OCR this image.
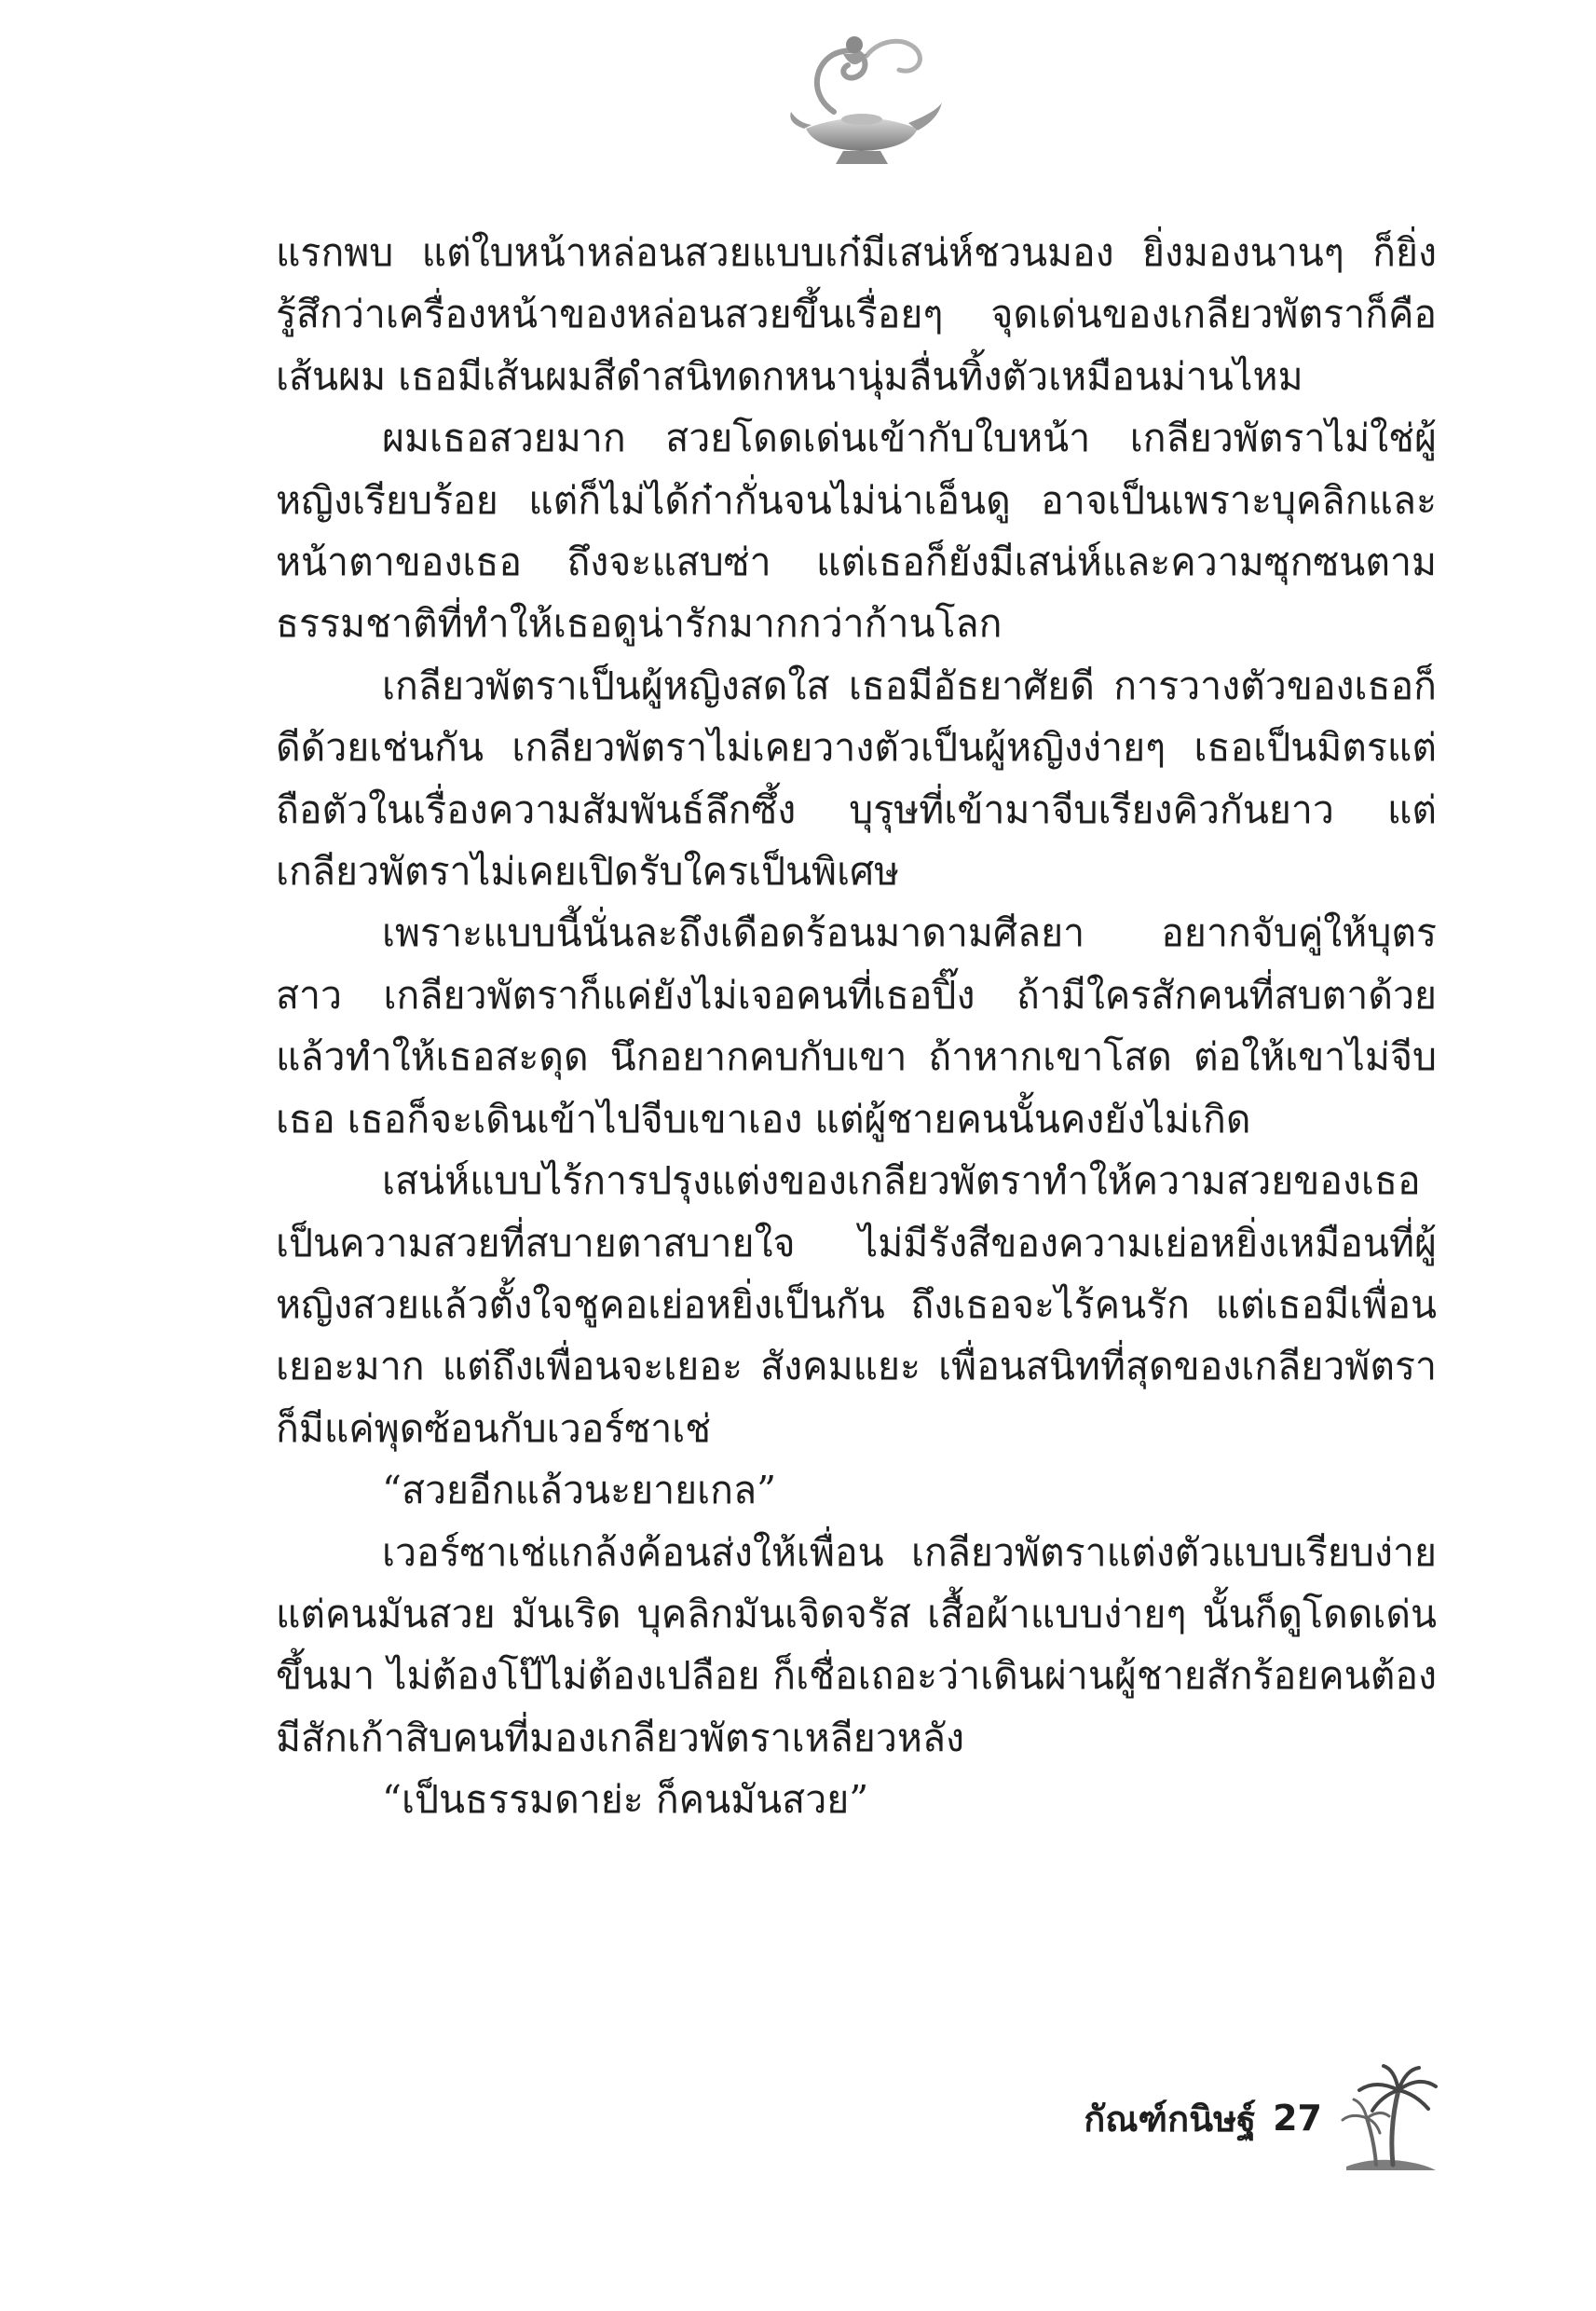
แรกพบ แต่ใบหน้าหล่อนสวยแบบเก๋มีเสน่ห์ชวนมอง ยิ่งมองนานๆ ก็ยิ่งรู้สึกว่าเครื่องหน้าของหล่อนสวยขึ้นเรื่อยๆ จุดเด่นของเกลียวพัตราก็คือเส้นผม เธอมีเส้นผมสีดำสนิทดกหนานุ่มลื่นทิ้งตัวเหมือนม่านไหม

ผมเธอสวยมาก สวยโดดเด่นเข้ากับใบหน้า เกลียวพัตราไม่ใช่ผู้หญิงเรียบร้อย แต่ก็ไม่ได้ก๋ากั่นจนไม่น่าเอ็นดู อาจเป็นเพราะบุคลิกและหน้าตาของเธอ ถึงจะแสบซ่า แต่เธอก็ยังมีเสน่ห์และความซุกซนตามธรรมชาติที่ทำให้เธอดูน่ารักมากกว่าก้านโลก

เกลียวพัตราเป็นผู้หญิงสดใส เธอมีอัธยาศัยดี การวางตัวของเธอก็ดีด้วยเช่นกัน เกลียวพัตราไม่เคยวางตัวเป็นผู้หญิงง่ายๆ เธอเป็นมิตรแต่ถือตัวในเรื่องความสัมพันธ์ลึกซึ้ง บุรุษที่เข้ามาจีบเรียงคิวกันยาว แต่เกลียวพัตราไม่เคยเปิดรับใครเป็นพิเศษ

เพราะแบบนี้นั่นละถึงเดือดร้อนมาดามศีลยา อยากจับคู่ให้บุตรสาว เกลียวพัตราก็แค่ยังไม่เจอคนที่เธอปิ๊ง ถ้ามีใครสักคนที่สบตาด้วยแล้วทำให้เธอสะดุด นึกอยากคบกับเขา ถ้าหากเขาโสด ต่อให้เขาไม่จีบเธอ เธอก็จะเดินเข้าไปจีบเขาเอง แต่ผู้ชายคนนั้นคงยังไม่เกิด

เสน่ห์แบบไร้การปรุงแต่งของเกลียวพัตราทำให้ความสวยของเธอเป็นความสวยที่สบายตาสบายใจ ไม่มีรังสีของความเย่อหยิ่งเหมือนที่ผู้หญิงสวยแล้วตั้งใจชูคอเย่อหยิ่งเป็นกัน ถึงเธอจะไร้คนรัก แต่เธอมีเพื่อนเยอะมาก แต่ถึงเพื่อนจะเยอะ สังคมแยะ เพื่อนสนิทที่สุดของเกลียวพัตราก็มีแค่พุดซ้อนกับเวอร์ซาเช่

“สวยอีกแล้วนะยายเกล”

เวอร์ซาเช่แกล้งค้อนส่งให้เพื่อน เกลียวพัตราแต่งตัวแบบเรียบง่ายแต่คนมันสวย มันเริด บุคลิกมันเจิดจรัส เสื้อผ้าแบบง่ายๆ นั้นก็ดูโดดเด่นขึ้นมา ไม่ต้องโป๊ไม่ต้องเปลือย ก็เชื่อเถอะว่าเดินผ่านผู้ชายสักร้อยคนต้องมีสักเก้าสิบคนที่มองเกลียวพัตราเหลียวหลัง

“เป็นธรรมดาย่ะ ก็คนมันสวย”

กัณฑ์กนิษฐ์ 27
